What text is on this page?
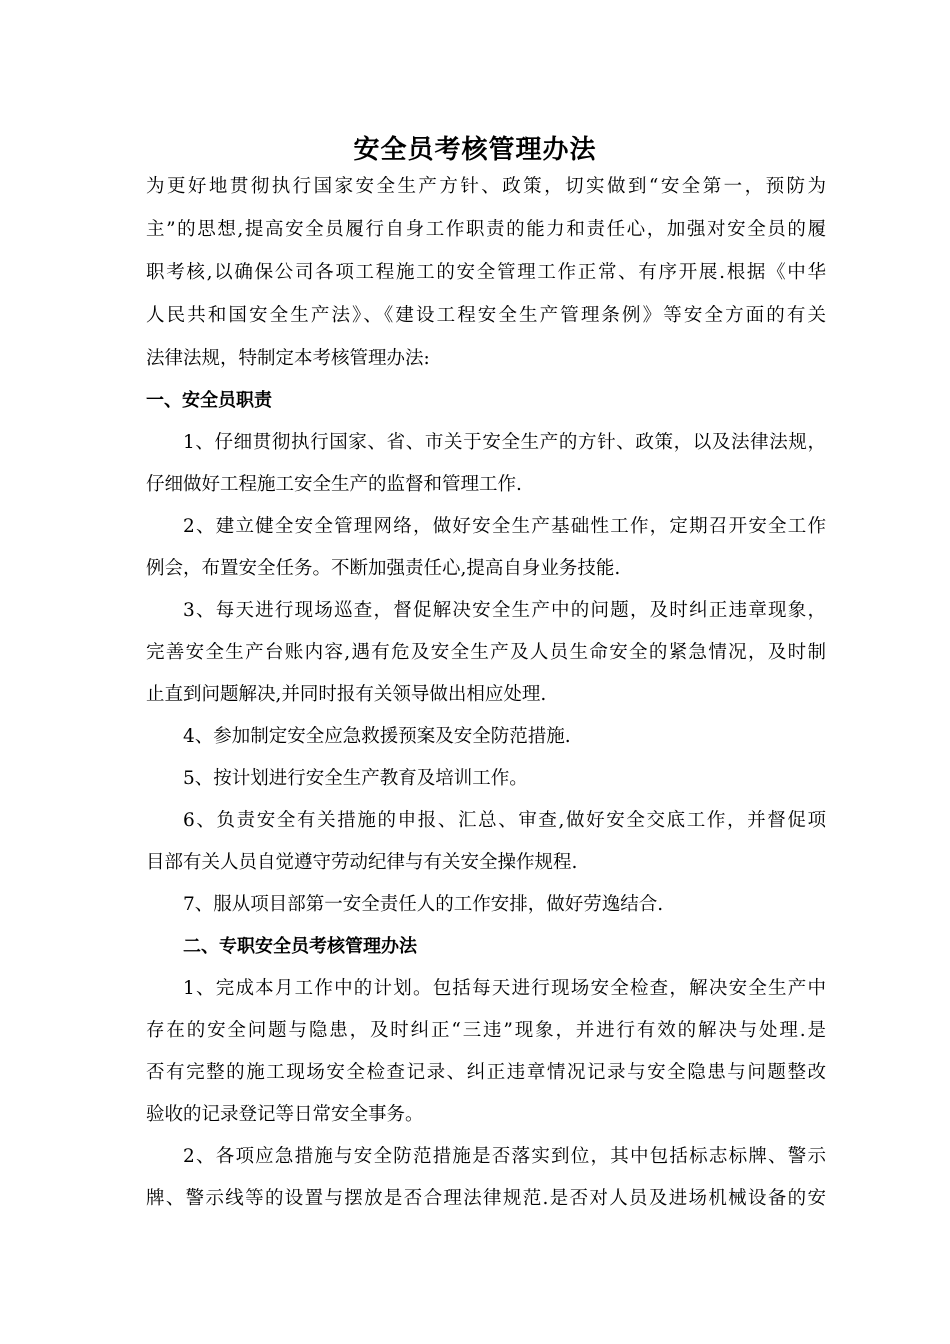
安全员考核管理办法
为更好地贯彻执行国家安全生产方针、政策，切实做到“安全第一，预防为
主”的思想,提高安全员履行自身工作职责的能力和责任心，加强对安全员的履
职考核,以确保公司各项工程施工的安全管理工作正常、有序开展.根据《中华
人民共和国安全生产法》、《建设工程安全生产管理条例》等安全方面的有关
法律法规，特制定本考核管理办法:
一、安全员职责
1、仔细贯彻执行国家、省、市关于安全生产的方针、政策，以及法律法规，
仔细做好工程施工安全生产的监督和管理工作.
2、建立健全安全管理网络，做好安全生产基础性工作，定期召开安全工作
例会，布置安全任务。不断加强责任心,提高自身业务技能.
3、每天进行现场巡查，督促解决安全生产中的问题，及时纠正违章现象，
完善安全生产台账内容,遇有危及安全生产及人员生命安全的紧急情况，及时制
止直到问题解决,并同时报有关领导做出相应处理.
4、参加制定安全应急救援预案及安全防范措施.
5、按计划进行安全生产教育及培训工作。
6、负责安全有关措施的申报、汇总、审查,做好安全交底工作，并督促项
目部有关人员自觉遵守劳动纪律与有关安全操作规程.
7、服从项目部第一安全责任人的工作安排，做好劳逸结合.
二、专职安全员考核管理办法
1、完成本月工作中的计划。包括每天进行现场安全检查，解决安全生产中
存在的安全问题与隐患，及时纠正“三违”现象，并进行有效的解决与处理.是
否有完整的施工现场安全检查记录、纠正违章情况记录与安全隐患与问题整改
验收的记录登记等日常安全事务。
2、各项应急措施与安全防范措施是否落实到位，其中包括标志标牌、警示
牌、警示线等的设置与摆放是否合理法律规范.是否对人员及进场机械设备的安
